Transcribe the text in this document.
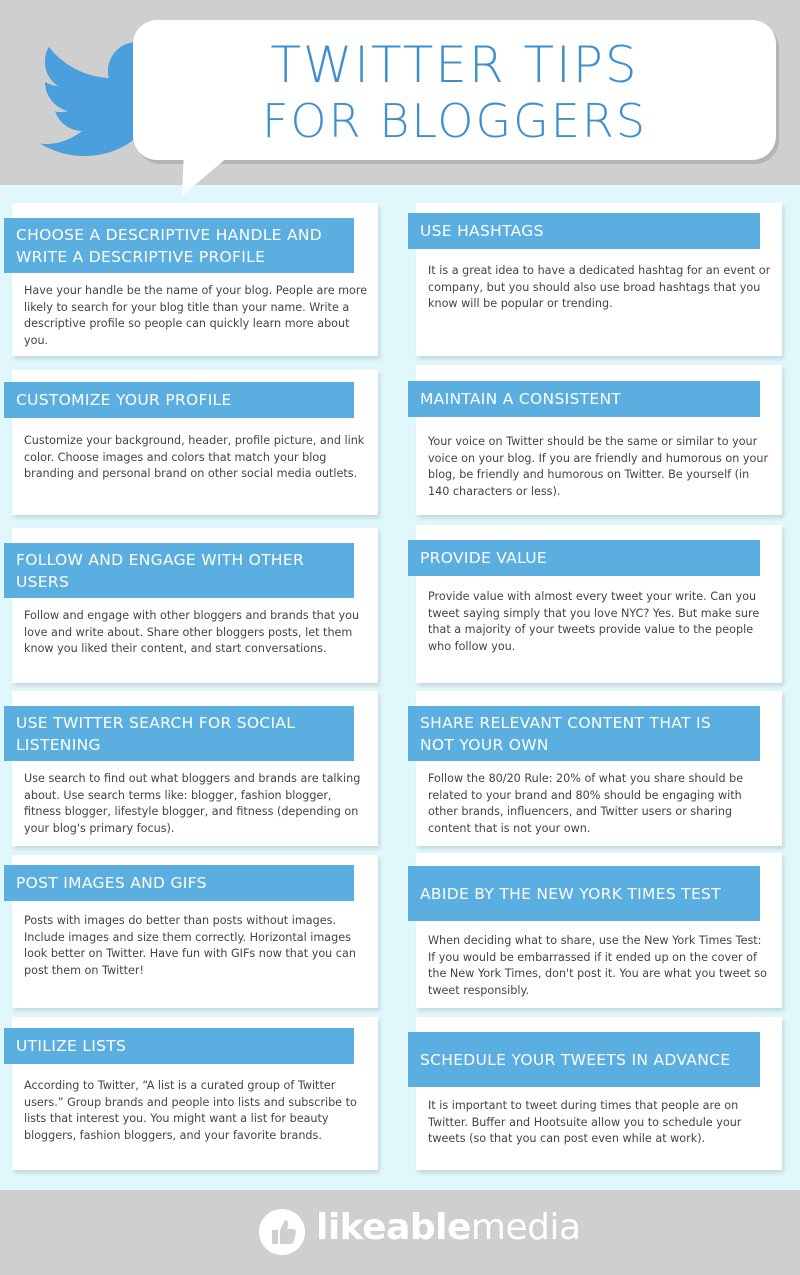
TWITTER TIPS
FOR BLOGGERS
CHOOSE A DESCRIPTIVE HANDLE AND WRITE A DESCRIPTIVE PROFILE
Have your handle be the name of your blog. People are more likely to search for your blog title than your name. Write a descriptive profile so people can quickly learn more about you.
CUSTOMIZE YOUR PROFILE
Customize your background, header, profile picture, and link color. Choose images and colors that match your blog branding and personal brand on other social media outlets.
FOLLOW AND ENGAGE WITH OTHER USERS
Follow and engage with other bloggers and brands that you love and write about. Share other bloggers posts, let them know you liked their content, and start conversations.
USE TWITTER SEARCH FOR SOCIAL LISTENING
Use search to find out what bloggers and brands are talking about. Use search terms like: blogger, fashion blogger, fitness blogger, lifestyle blogger, and fitness (depending on your blog's primary focus).
POST IMAGES AND GIFS
Posts with images do better than posts without images. Include images and size them correctly. Horizontal images look better on Twitter. Have fun with GIFs now that you can post them on Twitter!
UTILIZE LISTS
According to Twitter, “A list is a curated group of Twitter users.” Group brands and people into lists and subscribe to lists that interest you. You might want a list for beauty bloggers, fashion bloggers, and your favorite brands.
USE HASHTAGS
It is a great idea to have a dedicated hashtag for an event or company, but you should also use broad hashtags that you know will be popular or trending.
MAINTAIN A CONSISTENT
Your voice on Twitter should be the same or similar to your voice on your blog. If you are friendly and humorous on your blog, be friendly and humorous on Twitter. Be yourself (in 140 characters or less).
PROVIDE VALUE
Provide value with almost every tweet your write. Can you tweet saying simply that you love NYC? Yes. But make sure that a majority of your tweets provide value to the people who follow you.
SHARE RELEVANT CONTENT THAT IS NOT YOUR OWN
Follow the 80/20 Rule: 20% of what you share should be related to your brand and 80% should be engaging with other brands, influencers, and Twitter users or sharing content that is not your own.
ABIDE BY THE NEW YORK TIMES TEST
When deciding what to share, use the New York Times Test: If you would be embarrassed if it ended up on the cover of the New York Times, don't post it. You are what you tweet so tweet responsibly.
SCHEDULE YOUR TWEETS IN ADVANCE
It is important to tweet during times that people are on Twitter. Buffer and Hootsuite allow you to schedule your tweets (so that you can post even while at work).
likeablemedia
